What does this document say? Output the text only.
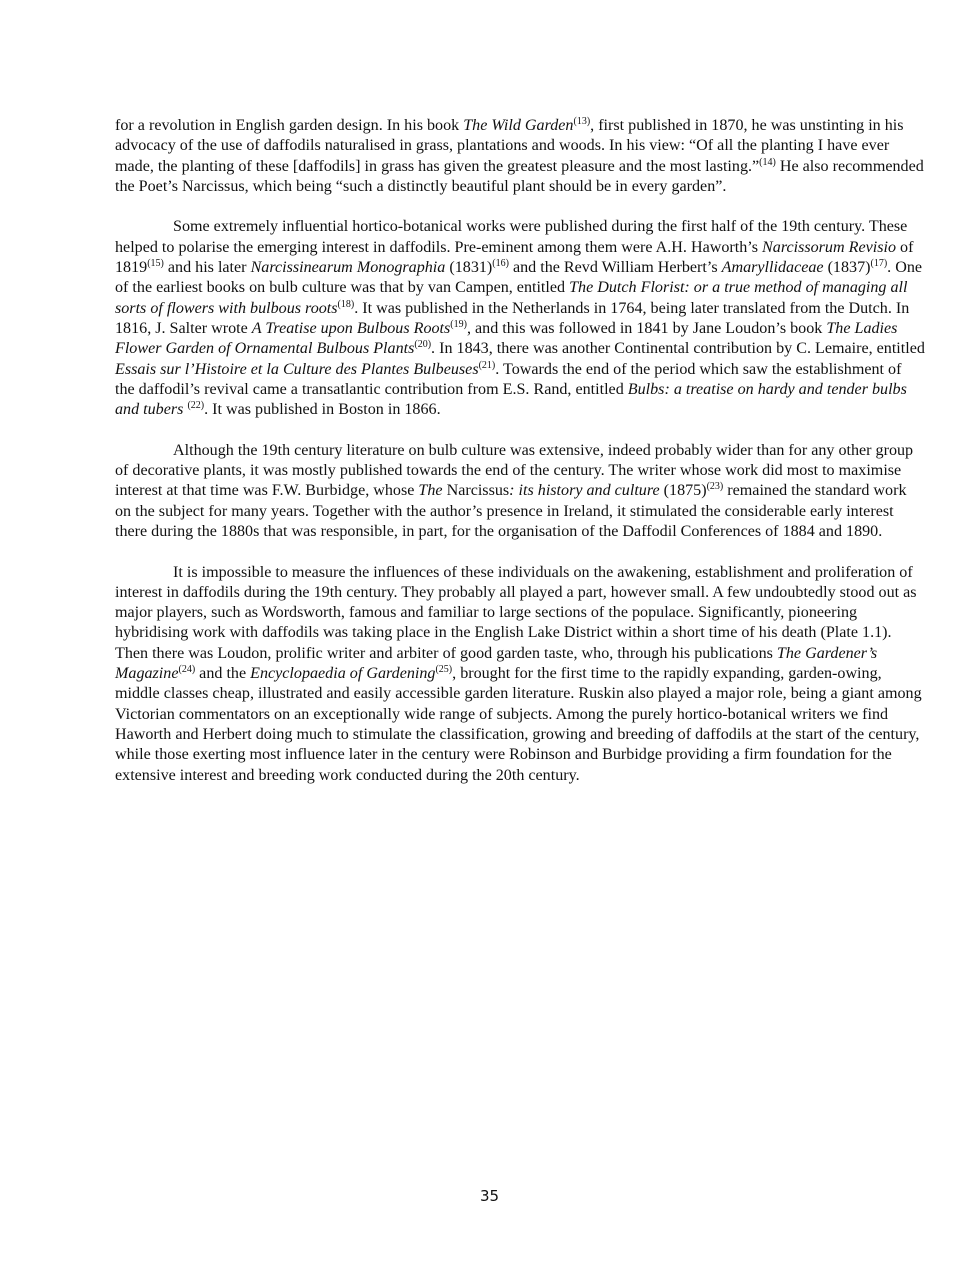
for a revolution in English garden design. In his book The Wild Garden$^{(13)}$, first published in 1870, he was unstinting in his advocacy of the use of daffodils naturalised in grass, plantations and woods. In his view: “Of all the planting I have ever made, the planting of these [daffodils] in grass has given the greatest pleasure and the most lasting.”$^{(14)}$ He also recommended the Poet’s Narcissus, which being “such a distinctly beautiful plant should be in every garden”.

Some extremely influential hortico-botanical works were published during the first half of the 19th century. These helped to polarise the emerging interest in daffodils. Pre-eminent among them were A.H. Haworth’s Narcissorum Revisio of 1819$^{(15)}$ and his later Narcissinearum Monographia $(1831)^{(16)}$ and the Revd William Herbert’s Amaryllidaceae $(1837)^{(17)}$. One of the earliest books on bulb culture was that by van Campen, entitled The Dutch Florist: or a true method of managing all sorts of flowers with bulbous roots$^{(18)}$. It was published in the Netherlands in 1764, being later translated from the Dutch. In 1816, J. Salter wrote A Treatise upon Bulbous Roots$^{(19)}$, and this was followed in 1841 by Jane Loudon’s book The Ladies Flower Garden of Ornamental Bulbous Plants$^{(20)}$. In 1843, there was another Continental contribution by C. Lemaire, entitled Essais sur l’Histoire et la Culture des Plantes Bulbeuses$^{(21)}$. Towards the end of the period which saw the establishment of the daffodil’s revival came a transatlantic contribution from E.S. Rand, entitled Bulbs: a treatise on hardy and tender bulbs and tubers $^{(22)}$. It was published in Boston in 1866.

Although the 19th century literature on bulb culture was extensive, indeed probably wider than for any other group of decorative plants, it was mostly published towards the end of the century. The writer whose work did most to maximise interest at that time was F.W. Burbidge, whose The Narcissus: its history and culture $(1875)^{(23)}$ remained the standard work on the subject for many years. Together with the author’s presence in Ireland, it stimulated the considerable early interest there during the 1880s that was responsible, in part, for the organisation of the Daffodil Conferences of 1884 and 1890.

It is impossible to measure the influences of these individuals on the awakening, establishment and proliferation of interest in daffodils during the 19th century. They probably all played a part, however small. A few undoubtedly stood out as major players, such as Wordsworth, famous and familiar to large sections of the populace. Significantly, pioneering hybridising work with daffodils was taking place in the English Lake District within a short time of his death (Plate 1.1). Then there was Loudon, prolific writer and arbiter of good garden taste, who, through his publications The Gardener’s Magazine$^{(24)}$ and the Encyclopaedia of Gardening$^{(25)}$, brought for the first time to the rapidly expanding, garden-owing, middle classes cheap, illustrated and easily accessible garden literature. Ruskin also played a major role, being a giant among Victorian commentators on an exceptionally wide range of subjects. Among the purely hortico-botanical writers we find Haworth and Herbert doing much to stimulate the classification, growing and breeding of daffodils at the start of the century, while those exerting most influence later in the century were Robinson and Burbidge providing a firm foundation for the extensive interest and breeding work conducted during the 20th century.

35
